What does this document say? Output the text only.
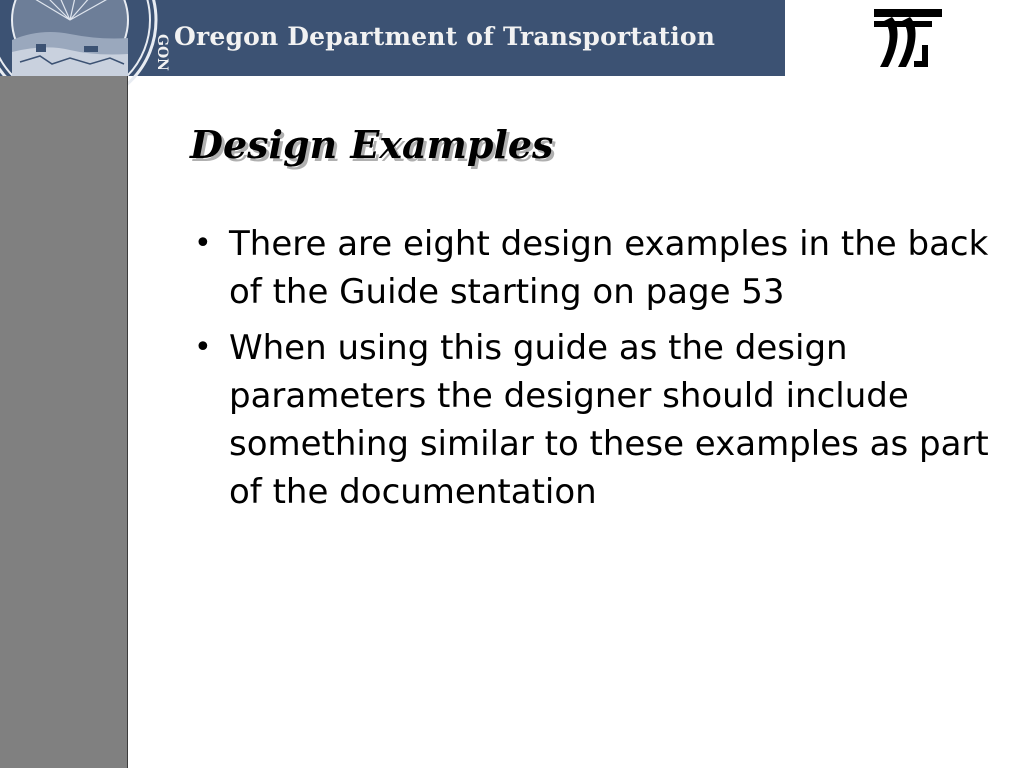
GON Oregon Department of Transportation
Design Examples
• There are eight design examples in the back of the Guide starting on page 53
• When using this guide as the design parameters the designer should include something similar to these examples as part of the documentation
